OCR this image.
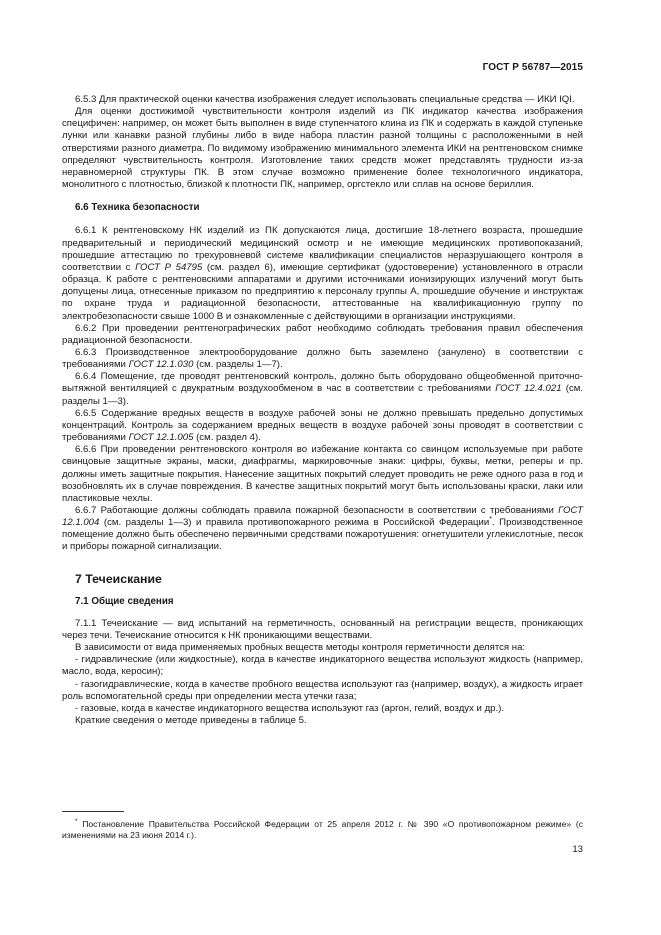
ГОСТ Р 56787—2015

6.5.3 Для практической оценки качества изображения следует использовать специальные средства — ИКИ IQI.

Для оценки достижимой чувствительности контроля изделий из ПК индикатор качества изображения специфичен: например, он может быть выполнен в виде ступенчатого клина из ПК и содержать в каждой ступеньке лунки или канавки разной глубины либо в виде набора пластин разной толщины с расположенными в ней отверстиями разного диаметра. По видимому изображению минимального элемента ИКИ на рентгеновском снимке определяют чувствительность контроля. Изготовление таких средств может представлять трудности из-за неравномерной структуры ПК. В этом случае возможно применение более технологичного индикатора, монолитного с плотностью, близкой к плотности ПК, например, оргстекло или сплав на основе бериллия.

6.6 Техника безопасности

6.6.1 К рентгеновскому НК изделий из ПК допускаются лица, достигшие 18-летнего возраста, прошедшие предварительный и периодический медицинский осмотр и не имеющие медицинских противопоказаний, прошедшие аттестацию по трехуровневой системе квалификации специалистов неразрушающего контроля в соответствии с ГОСТ Р 54795 (см. раздел 6), имеющие сертификат (удостоверение) установленного в отрасли образца. К работе с рентгеновскими аппаратами и другими источниками ионизирующих излучений могут быть допущены лица, отнесенные приказом по предприятию к персоналу группы А, прошедшие обучение и инструктаж по охране труда и радиационной безопасности, аттестованные на квалификационную группу по электробезопасности свыше 1000 В и ознакомленные с действующими в организации инструкциями.

6.6.2 При проведении рентгенографических работ необходимо соблюдать требования правил обеспечения радиационной безопасности.

6.6.3 Производственное электрооборудование должно быть заземлено (занулено) в соответствии с требованиями ГОСТ 12.1.030 (см. разделы 1—7).

6.6.4 Помещение, где проводят рентгеновский контроль, должно быть оборудовано общеобменной приточно-вытяжной вентиляцией с двукратным воздухообменом в час в соответствии с требованиями ГОСТ 12.4.021 (см. разделы 1—3).

6.6.5 Содержание вредных веществ в воздухе рабочей зоны не должно превышать предельно допустимых концентраций. Контроль за содержанием вредных веществ в воздухе рабочей зоны проводят в соответствии с требованиями ГОСТ 12.1.005 (см. раздел 4).

6.6.6 При проведении рентгеновского контроля во избежание контакта со свинцом используемые при работе свинцовые защитные экраны, маски, диафрагмы, маркировочные знаки: цифры, буквы, метки, реперы и пр. должны иметь защитные покрытия. Нанесение защитных покрытий следует проводить не реже одного раза в год и возобновлять их в случае повреждения. В качестве защитных покрытий могут быть использованы краски, лаки или пластиковые чехлы.

6.6.7 Работающие должны соблюдать правила пожарной безопасности в соответствии с требованиями ГОСТ 12.1.004 (см. разделы 1—3) и правила противопожарного режима в Российской Федерации*. Производственное помещение должно быть обеспечено первичными средствами пожаротушения: огнетушители углекислотные, песок и приборы пожарной сигнализации.

7 Течеискание
7.1 Общие сведения

7.1.1 Течеискание — вид испытаний на герметичность, основанный на регистрации веществ, проникающих через течи. Течеискание относится к НК проникающими веществами.

В зависимости от вида применяемых пробных веществ методы контроля герметичности делятся на:

- гидравлические (или жидкостные), когда в качестве индикаторного вещества используют жидкость (например, масло, вода, керосин);

- газогидравлические, когда в качестве пробного вещества используют газ (например, воздух), а жидкость играет роль вспомогательной среды при определении места утечки газа;

- газовые, когда в качестве индикаторного вещества используют газ (аргон, гелий, воздух и др.).

Краткие сведения о методе приведены в таблице 5.

* Постановление Правительства Российской Федерации от 25 апреля 2012 г. № 390 «О противопожарном режиме» (с изменениями на 23 июня 2014 г.).
13
